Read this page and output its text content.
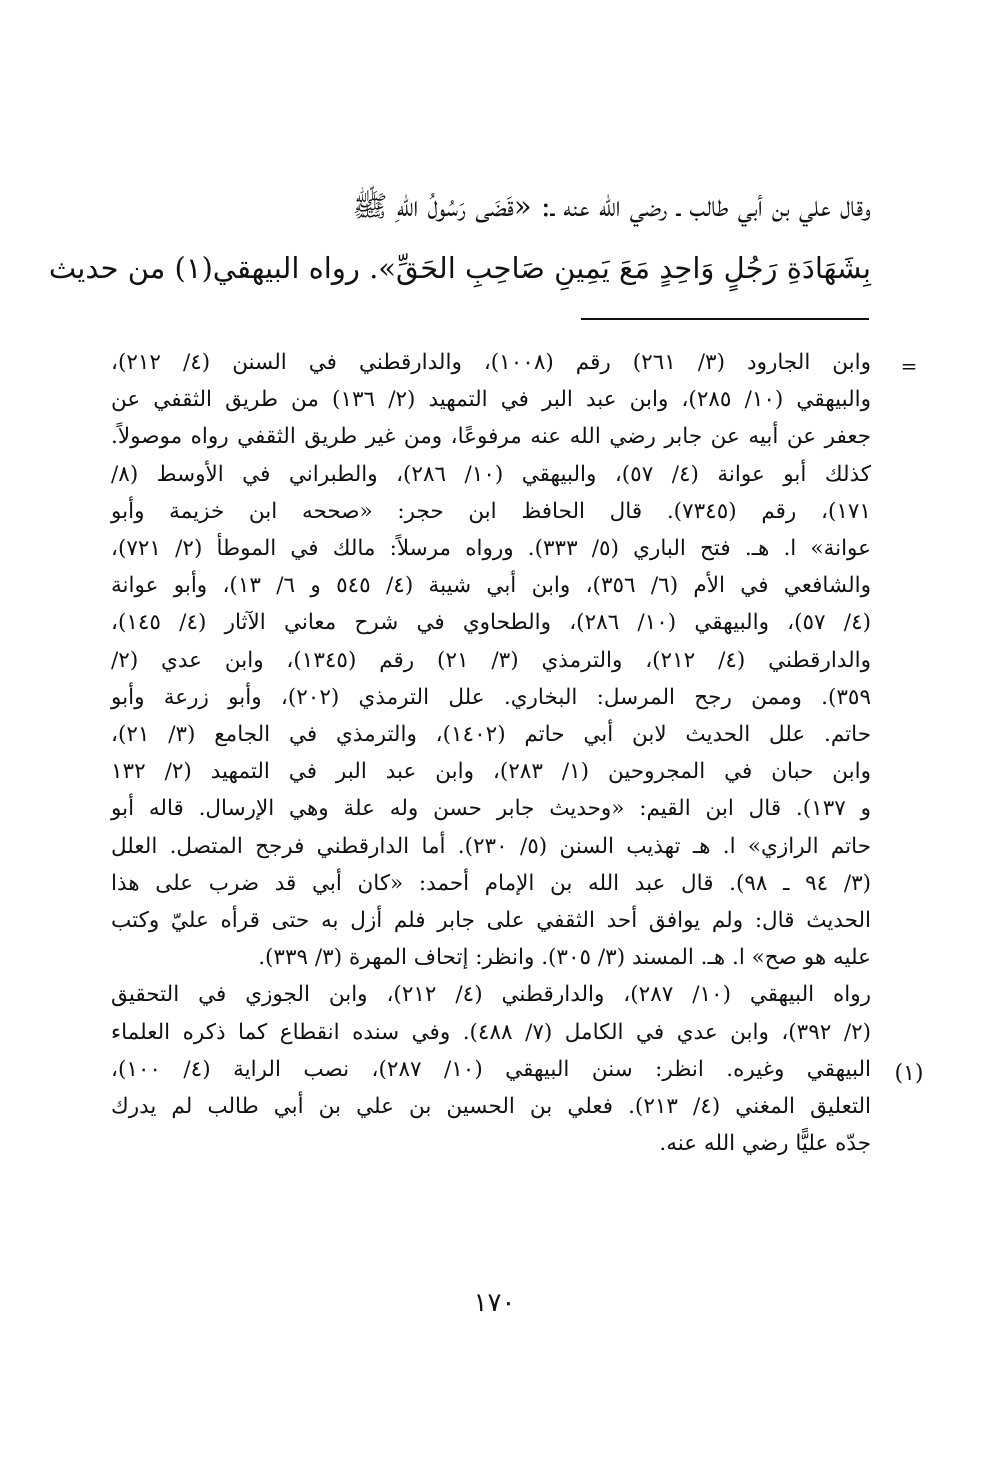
وقال علي بن أبي طالب ـ رضي الله عنه ـ: «قَضَى رَسُولُ اللهِ ﷺ
بِشَهَادَةِ رَجُلٍ وَاحِدٍ مَعَ يَمِينِ صَاحِبِ الحَقِّ». رواه البيهقي(١) من حديث
=
وابن الجارود (٣/ ٢٦١) رقم (١٠٠٨)، والدارقطني في السنن (٤/ ٢١٢)،
والبيهقي (١٠/ ٢٨٥)، وابن عبد البر في التمهيد (٢/ ١٣٦) من طريق الثقفي عن
جعفر عن أبيه عن جابر رضي الله عنه مرفوعًا، ومن غير طريق الثقفي رواه موصولاً.
كذلك أبو عوانة (٤/ ٥٧)، والبيهقي (١٠/ ٢٨٦)، والطبراني في الأوسط (٨/
١٧١)، رقم (٧٣٤٥). قال الحافظ ابن حجر: «صححه ابن خزيمة وأبو
عوانة» ا. هـ. فتح الباري (٥/ ٣٣٣). ورواه مرسلاً: مالك في الموطأ (٢/ ٧٢١)،
والشافعي في الأم (٦/ ٣٥٦)، وابن أبي شيبة (٤/ ٥٤٥ و ٦/ ١٣)، وأبو عوانة
(٤/ ٥٧)، والبيهقي (١٠/ ٢٨٦)، والطحاوي في شرح معاني الآثار (٤/ ١٤٥)،
والدارقطني (٤/ ٢١٢)، والترمذي (٣/ ٢١) رقم (١٣٤٥)، وابن عدي (٢/
٣٥٩). وممن رجح المرسل: البخاري. علل الترمذي (٢٠٢)، وأبو زرعة وأبو
حاتم. علل الحديث لابن أبي حاتم (١٤٠٢)، والترمذي في الجامع (٣/ ٢١)،
وابن حبان في المجروحين (١/ ٢٨٣)، وابن عبد البر في التمهيد (٢/ ١٣٢
و ١٣٧). قال ابن القيم: «وحديث جابر حسن وله علة وهي الإرسال. قاله أبو
حاتم الرازي» ا. هـ تهذيب السنن (٥/ ٢٣٠). أما الدارقطني فرجح المتصل. العلل
(٣/ ٩٤ ـ ٩٨). قال عبد الله بن الإمام أحمد: «كان أبي قد ضرب على هذا
الحديث قال: ولم يوافق أحد الثقفي على جابر فلم أزل به حتى قرأه عليّ وكتب
عليه هو صح» ا. هـ. المسند (٣/ ٣٠٥). وانظر: إتحاف المهرة (٣/ ٣٣٩).
رواه البيهقي (١٠/ ٢٨٧)، والدارقطني (٤/ ٢١٢)، وابن الجوزي في التحقيق
(٢/ ٣٩٢)، وابن عدي في الكامل (٧/ ٤٨٨). وفي سنده انقطاع كما ذكره العلماء
البيهقي وغيره. انظر: سنن البيهقي (١٠/ ٢٨٧)، نصب الراية (٤/ ١٠٠)،
التعليق المغني (٤/ ٢١٣). فعلي بن الحسين بن علي بن أبي طالب لم يدرك
جدّه عليًّا رضي الله عنه.
(١)
١٧٠
